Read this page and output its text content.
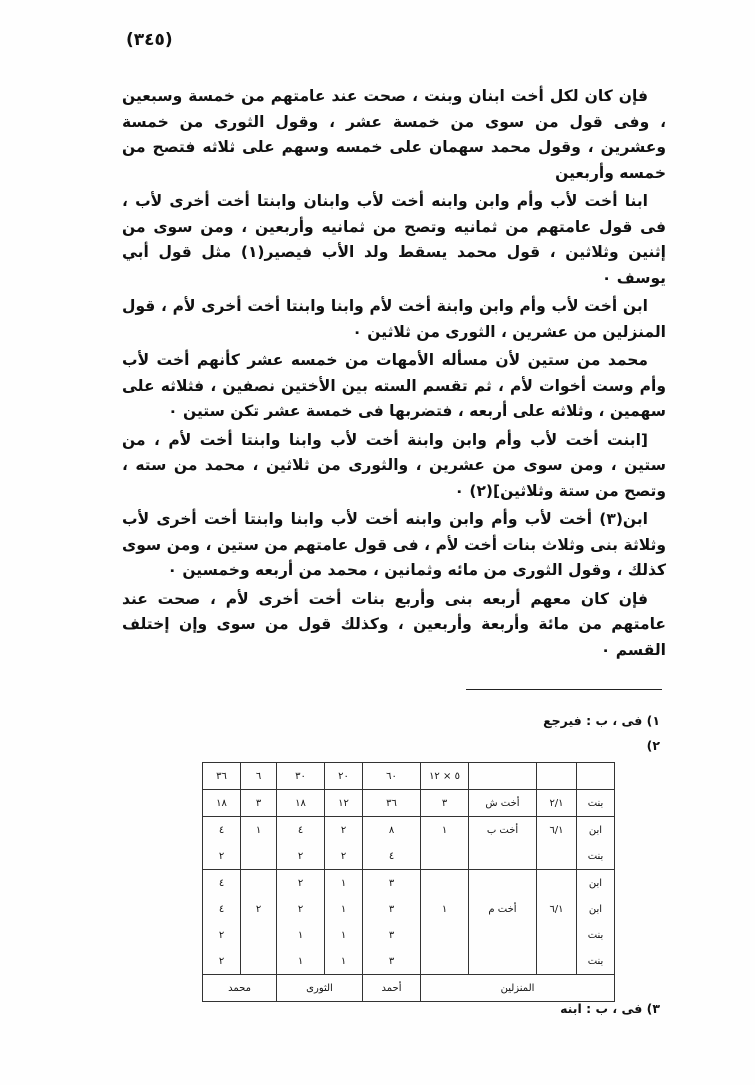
(٣٤٥)

فإن كان لكل أخت ابنان وبنت ، صحت عند عامتهم من خمسة وسبعين ، وفى قول من سوى من خمسة عشر ، وقول الثورى من خمسة وعشرين ، وقول محمد سهمان على خمسه وسهم على ثلاثه فتصح من خمسه وأربعين

ابنا أخت لأب وأم وابن وابنه أخت لأب وابنان وابنتا أخت أخرى لأب ، فى قول عامتهم من ثمانيه وتصح من ثمانيه وأربعين ، ومن سوى من إثنين وثلاثين ، قول محمد يسقط ولد الأب فيصير(١) مثل قول أبي يوسف ٠

ابن أخت لأب وأم وابن وابنة أخت لأم وابنا وابنتا أخت أخرى لأم ، قول المنزلين من عشرين ، الثورى من ثلاثين ٠

محمد من ستين لأن مسأله الأمهات من خمسه عشر كأنهم أخت لأب وأم وست أخوات لأم ، ثم تقسم السته بين الأختين نصفين ، فثلاثه على سهمين ، وثلاثه على أربعه ، فتضربها فى خمسة عشر تكن ستين ٠

[ابنت أخت لأب وأم وابن وابنة أخت لأب وابنا وابنتا أخت لأم ، من ستين ، ومن سوى من عشرين ، والثورى من ثلاثين ، محمد من سته ، وتصح من ستة وثلاثين](٢) ٠

ابن(٣) أخت لأب وأم وابن وابنه أخت لأب وابنا وابنتا أخت أخرى لأب وثلاثة بنى وثلاث بنات أخت لأم ، فى قول عامتهم من ستين ، ومن سوى كذلك ، وقول الثورى من مائه وثمانين ، محمد من أربعه وخمسين ٠

فإن كان معهم أربعه بنى وأربع بنات أخت أخرى لأم ، صحت عند عامتهم من مائة وأربعة وأربعين ، وكذلك قول من سوى وإن إختلف القسم ٠

١) فى ، ب : فيرجع
٢)
			٥ × ١٢	٦٠	٢٠	٣٠	٦	٣٦
بنت	٢/١	أخت ش	٣	٣٦	١٢	١٨	٣	١٨
ابن	٦/١	أخت ب	١	٨	٢	٤	١	٤
بنت				٤	٢	٢		٢
ابن				٣	١	٢		٤
ابن	٦/١	أخت م	١	٣	١	٢	٢	٤
بنت				٣	١	١		٢
بنت				٣	١	١		٢
المنزلين				أحمد	الثورى		محمد	
٣) فى ، ب : ابنه
